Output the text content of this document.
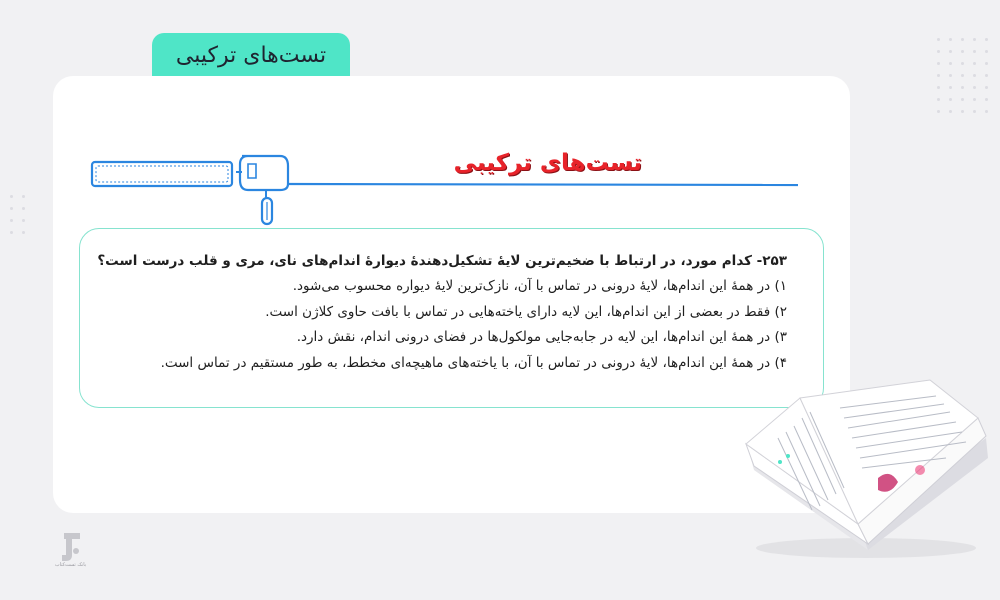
تست‌های ترکیبی
تست‌های ترکیبی
۲۵۳- کدام مورد، در ارتباط با ضخیم‌ترین لایهٔ تشکیل‌دهندهٔ دیوارهٔ اندام‌های نای، مری و قلب درست است؟
۱) در همهٔ این اندام‌ها، لایهٔ درونی در تماس با آن، نازک‌ترین لایهٔ دیواره محسوب می‌شود.
۲) فقط در بعضی از این اندام‌ها، این لایه دارای یاخته‌هایی در تماس با بافت حاوی کلاژن است.
۳) در همهٔ این اندام‌ها، این لایه در جابه‌جایی مولکول‌ها در فضای درونی اندام، نقش دارد.
۴) در همهٔ این اندام‌ها، لایهٔ درونی در تماس با آن، با یاخته‌های ماهیچه‌ای مخطط، به طور مستقیم در تماس است.
بانک تست‌کتاب
